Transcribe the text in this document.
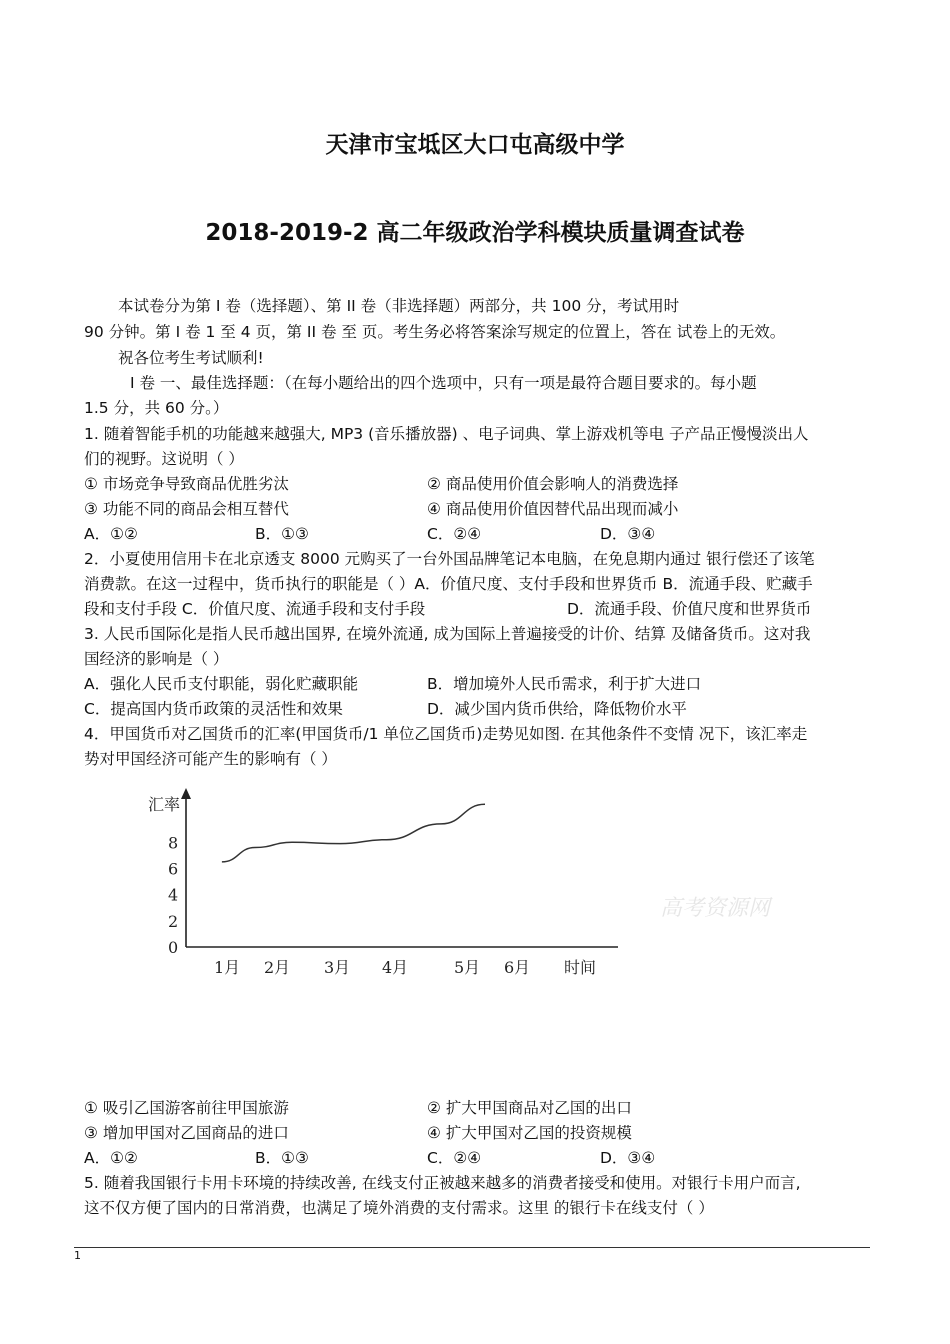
天津市宝坻区大口屯高级中学
2018-2019-2 高二年级政治学科模块质量调查试卷
本试卷分为第 I 卷（选择题）、第 II 卷（非选择题）两部分，共 100 分，考试用时
90 分钟。第 I 卷 1 至 4 页，第 II 卷 至 页。考生务必将答案涂写规定的位置上，答在 试卷上的无效。
祝各位考生考试顺利!
I 卷 一、最佳选择题：（在每小题给出的四个选项中，只有一项是最符合题目要求的。每小题
1.5 分，共 60 分。）
1. 随着智能手机的功能越来越强大, MP3 (音乐播放器) 、电子词典、掌上游戏机等电 子产品正慢慢淡出人
们的视野。这说明（ ）
① 市场竞争导致商品优胜劣汰	② 商品使用价值会影响人的消费选择
③ 功能不同的商品会相互替代	④ 商品使用价值因替代品出现而减小
A．①②	B．①③	C．②④	D．③④
2．小夏使用信用卡在北京透支 8000 元购买了一台外国品牌笔记本电脑，在免息期内通过 银行偿还了该笔
消费款。在这一过程中，货币执行的职能是（ ）A．价值尺度、支付手段和世界货币 B．流通手段、贮藏手
段和支付手段 C．价值尺度、流通手段和支付手段	D．流通手段、价值尺度和世界货币
3. 人民币国际化是指人民币越出国界, 在境外流通, 成为国际上普遍接受的计价、结算 及储备货币。这对我
国经济的影响是（ ）
A．强化人民币支付职能，弱化贮藏职能	B．增加境外人民币需求，利于扩大进口
C．提高国内货币政策的灵活性和效果	D．减少国内货币供给，降低物价水平
4．甲国货币对乙国货币的汇率(甲国货币/1 单位乙国货币)走势见如图. 在其他条件不变情 况下，该汇率走
势对甲国经济可能产生的影响有（ ）
高考资源网
汇率
时间
8
6
4
2
0
1月 2月 3月 4月	5月 6月
① 吸引乙国游客前往甲国旅游	② 扩大甲国商品对乙国的出口
③ 增加甲国对乙国商品的进口	④ 扩大甲国对乙国的投资规模
A．①②	B．①③	C．②④	D．③④
5. 随着我国银行卡用卡环境的持续改善, 在线支付正被越来越多的消费者接受和使用。对银行卡用户而言,
这不仅方便了国内的日常消费，也满足了境外消费的支付需求。这里 的银行卡在线支付（ ）
1
